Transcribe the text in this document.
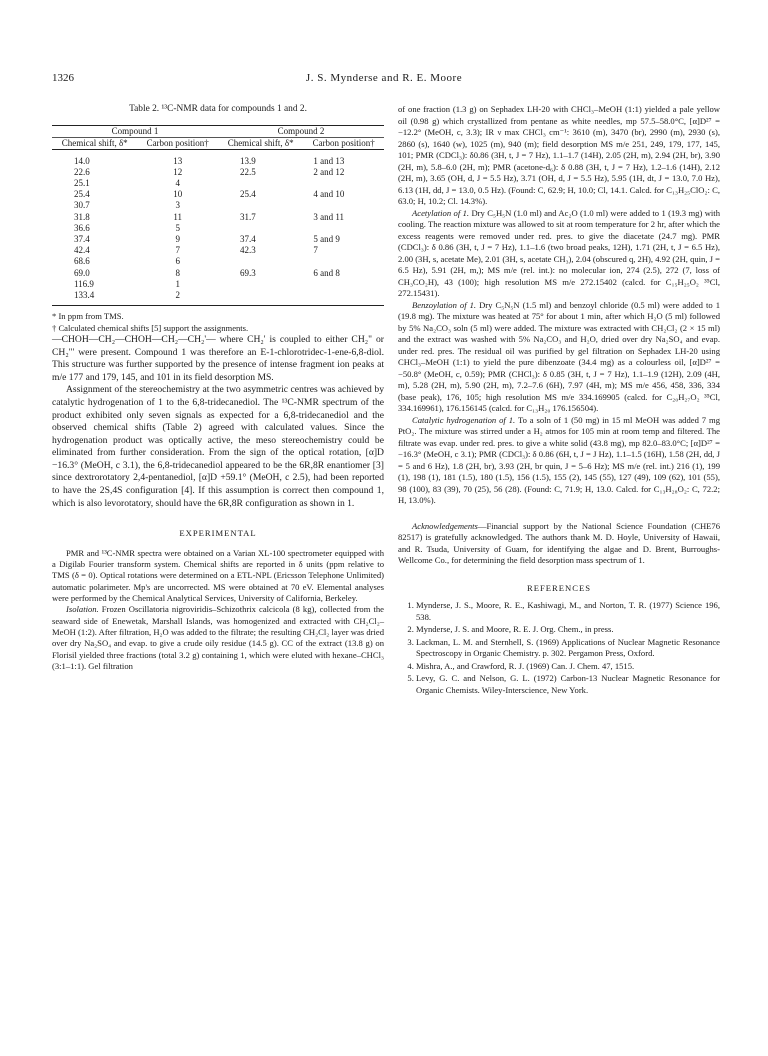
1326	J. S. Mynderse and R. E. Moore

Table 2. ¹³C-NMR data for compounds 1 and 2.

Compound 1		Compound 2	
Chemical shift, δ*	Carbon position†	Chemical shift, δ*	Carbon position†

14.0	13	13.9	1 and 13
22.6	12	22.5	2 and 12
25.1	4		
25.4	10	25.4	4 and 10
30.7	3		
31.8	11	31.7	3 and 11
36.6	5		
37.4	9	37.4	5 and 9
42.4	7	42.3	7
68.6	6		
69.0	8	69.3	6 and 8
116.9	1		
133.4	2		

* In ppm from TMS.

† Calculated chemical shifts [5] support the assignments.

—CHOH—CH₂—CHOH—CH₂—CH₂'— where CH₂' is coupled to either CH₂" or CH₂"' were present. Compound 1 was therefore an E-1-chlorotridec-1-ene-6,8-diol. This structure was further supported by the presence of intense fragment ion peaks at m/e 177 and 179, 145, and 101 in its field desorption MS.

Assignment of the stereochemistry at the two asymmetric centres was achieved by catalytic hydrogenation of 1 to the 6,8-tridecanediol. The ¹³C-NMR spectrum of the product exhibited only seven signals as expected for a 6,8-tridecanediol and the observed chemical shifts (Table 2) agreed with calculated values. Since the hydrogenation product was optically active, the meso stereochemistry could be eliminated from further consideration. From the sign of the optical rotation, [α]D −16.3° (MeOH, c 3.1), the 6,8-tridecanediol appeared to be the 6R,8R enantiomer [3] since dextrorotatory 2,4-pentanediol, [α]D +59.1° (MeOH, c 2.5), had been reported to have the 2S,4S configuration [4]. If this assumption is correct then compound 1, which is also levorotatory, should have the 6R,8R configuration as shown in 1.

EXPERIMENTAL

PMR and ¹³C-NMR spectra were obtained on a Varian XL-100 spectrometer equipped with a Digilab Fourier transform system. Chemical shifts are reported in δ units (ppm relative to TMS (δ = 0). Optical rotations were determined on a ETL-NPL (Ericsson Telephone Unlimited) automatic polarimeter. Mp's are uncorrected. MS were obtained at 70 eV. Elemental analyses were performed by the Chemical Analytical Services, University of California, Berkeley.

Isolation. Frozen Oscillatoria nigroviridis–Schizothrix calcicola (8 kg), collected from the seaward side of Enewetak, Marshall Islands, was homogenized and extracted with CH₂Cl₂–MeOH (1:2). After filtration, H₂O was added to the filtrate; the resulting CH₂Cl₂ layer was dried over dry Na₂SO₄ and evap. to give a crude oily residue (14.5 g). CC of the extract (13.8 g) on Florisil yielded three fractions (total 3.2 g) containing 1, which were eluted with hexane–CHCl₃ (3:1–1:1). Gel filtration

of one fraction (1.3 g) on Sephadex LH-20 with CHCl₃–MeOH (1:1) yielded a pale yellow oil (0.98 g) which crystallized from pentane as white needles, mp 57.5–58.0°C, [α]D²⁷ = −12.2° (MeOH, c, 3.3); IR ν max CHCl₃ cm⁻¹: 3610 (m), 3470 (br), 2990 (m), 2930 (s), 2860 (s), 1640 (w), 1025 (m), 940 (m); field desorption MS m/e 251, 249, 179, 177, 145, 101; PMR (CDCl₃): δ0.86 (3H, t, J = 7 Hz), 1.1–1.7 (14H), 2.05 (2H, m), 2.94 (2H, br), 3.90 (2H, m), 5.8–6.0 (2H, m); PMR (acetone-d₆): δ 0.88 (3H, t, J = 7 Hz), 1.2–1.6 (14H), 2.12 (2H, m), 3.65 (OH, d, J = 5.5 Hz), 3.71 (OH, d, J = 5.5 Hz), 5.95 (1H, dt, J = 13.0, 7.0 Hz), 6.13 (1H, dd, J = 13.0, 0.5 Hz). (Found: C, 62.9; H, 10.0; Cl, 14.1. Calcd. for C₁₃H₂₅ClO₂: C, 63.0; H, 10.2; Cl. 14.3%).

Acetylation of 1. Dry C₅H₅N (1.0 ml) and Ac₂O (1.0 ml) were added to 1 (19.3 mg) with cooling. The reaction mixture was allowed to sit at room temperature for 2 hr, after which the excess reagents were removed under red. pres. to give the diacetate (24.7 mg). PMR (CDCl₃): δ 0.86 (3H, t, J = 7 Hz), 1.1–1.6 (two broad peaks, 12H), 1.71 (2H, t, J = 6.5 Hz), 2.00 (3H, s, acetate Me), 2.01 (3H, s, acetate CH₃), 2.04 (obscured q, 2H), 4.92 (2H, quin, J = 6.5 Hz), 5.91 (2H, m,); MS m/e (rel. int.): no molecular ion, 274 (2.5), 272 (7, loss of CH₃CO₂H), 43 (100); high resolution MS m/e 272.15402 (calcd. for C₁₅H₂₅O₂ ³⁵Cl, 272.15431).

Benzoylation of 1. Dry C₅N₅N (1.5 ml) and benzoyl chloride (0.5 ml) were added to 1 (19.8 mg). The mixture was heated at 75° for about 1 min, after which H₂O (5 ml) followed by 5% Na₂CO₃ soln (5 ml) were added. The mixture was extracted with CH₂Cl₂ (2 × 15 ml) and the extract was washed with 5% Na₂CO₃ and H₂O, dried over dry Na₂SO₄ and evap. under red. pres. The residual oil was purified by gel filtration on Sephadex LH-20 using CHCl₃–MeOH (1:1) to yield the pure dibenzoate (34.4 mg) as a colourless oil, [α]D²⁷ = −50.8° (MeOH, c, 0.59); PMR (CHCl₃): δ 0.85 (3H, t, J = 7 Hz), 1.1–1.9 (12H), 2.09 (4H, m), 5.28 (2H, m), 5.90 (2H, m), 7.2–7.6 (6H), 7.97 (4H, m); MS m/e 456, 458, 336, 334 (base peak), 176, 105; high resolution MS m/e 334.169905 (calcd. for C₂₀H₂₇O₂ ³⁵Cl, 334.169961), 176.156145 (calcd. for C₁₃H₂₀ 176.156504).

Catalytic hydrogenation of 1. To a soln of 1 (50 mg) in 15 ml MeOH was added 7 mg PtO₂. The mixture was stirred under a H₂ atmos for 105 min at room temp and filtered. The filtrate was evap. under red. pres. to give a white solid (43.8 mg), mp 82.0–83.0°C; [α]D²⁷ = −16.3° (MeOH, c 3.1); PMR (CDCl₃): δ 0.86 (6H, t, J = J Hz), 1.1–1.5 (16H), 1.58 (2H, dd, J = 5 and 6 Hz), 1.8 (2H, br), 3.93 (2H, br quin, J = 5–6 Hz); MS m/e (rel. int.) 216 (1), 199 (1), 198 (1), 181 (1.5), 180 (1.5), 156 (1.5), 155 (2), 145 (55), 127 (49), 109 (62), 101 (55), 98 (100), 83 (39), 70 (25), 56 (28). (Found: C, 71.9; H, 13.0. Calcd. for C₁₃H₂₈O₂: C, 72.2; H, 13.0%).

Acknowledgements—Financial support by the National Science Foundation (CHE76 82517) is gratefully acknowledged. The authors thank M. D. Hoyle, University of Hawaii, and R. Tsuda, University of Guam, for identifying the algae and D. Brent, Burroughs-Wellcome Co., for determining the field desorption mass spectrum of 1.

REFERENCES
1. Mynderse, J. S., Moore, R. E., Kashiwagi, M., and Norton, T. R. (1977) Science 196, 538.
2. Mynderse, J. S. and Moore, R. E. J. Org. Chem., in press.
3. Lackman, L. M. and Sternhell, S. (1969) Applications of Nuclear Magnetic Resonance Spectroscopy in Organic Chemistry. p. 302. Pergamon Press, Oxford.
4. Mishra, A., and Crawford, R. J. (1969) Can. J. Chem. 47, 1515.
5. Levy, G. C. and Nelson, G. L. (1972) Carbon-13 Nuclear Magnetic Resonance for Organic Chemists. Wiley-Interscience, New York.
